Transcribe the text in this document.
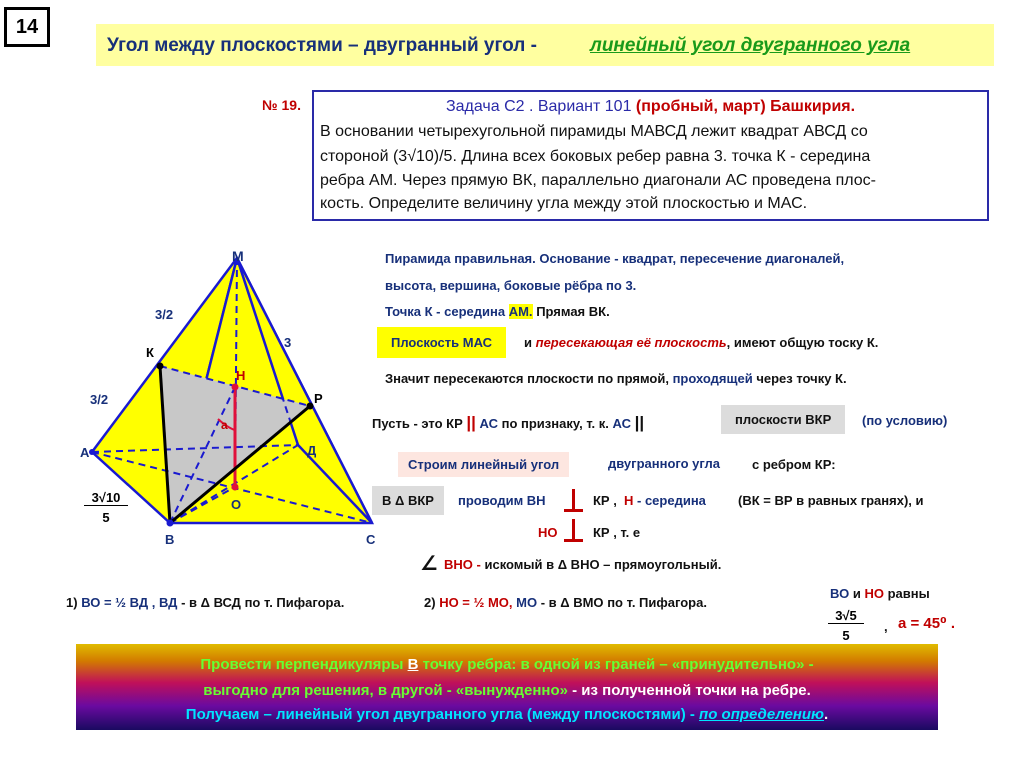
14
Угол между плоскостями – двугранный угол -	линейный угол двугранного угла
№ 19.	Задача С2 . Вариант 101 (пробный, март) Башкирия.
В основании четырехугольной пирамиды МАВСД лежит квадрат АВСД со
стороной (3√10)/5. Длина всех боковых ребер равна 3. точка К - середина
ребра АМ. Через прямую ВК, параллельно диагонали АС проведена плос-
кость. Определите величину угла между этой плоскостью и МАС.
М
К
Н
А
Р
Д
О
В	С
a
3/2
3/2
3
3√10
5
Пирамида правильная. Основание - квадрат, пересечение диагоналей,
высота, вершина, боковые рёбра по 3.
Точка К - середина АМ. Прямая ВК.
Плоскость МАС	и пересекающая её плоскость, имеют общую тоску К.
Значит пересекаются плоскости по прямой, проходящей через точку К.
Пусть - это КР || АС по признаку, т. к. АС ||	плоскости ВКР	(по условию)
Строим линейный угол	двугранного угла с ребром КР:
В Δ ВКР	проводим ВН	КР , Н - середина (ВК = ВР в равных гранях), и
НО	КР , т. е
∠ ВНО - искомый в Δ ВНО – прямоугольный.
1) ВО = ½ ВД , ВД - в Δ ВСД по т. Пифагора.	2) НО = ½ МО, МО - в Δ ВМО по т. Пифагора.
ВО и НО равны
3√5
5
, a = 45⁰ .
Провести перпендикуляры В точку ребра: в одной из граней – «принудительно» -
выгодно для решения, в другой - «вынужденно» - из полученной точки на ребре.
Получаем – линейный угол двугранного угла (между плоскостями) - по определению.
